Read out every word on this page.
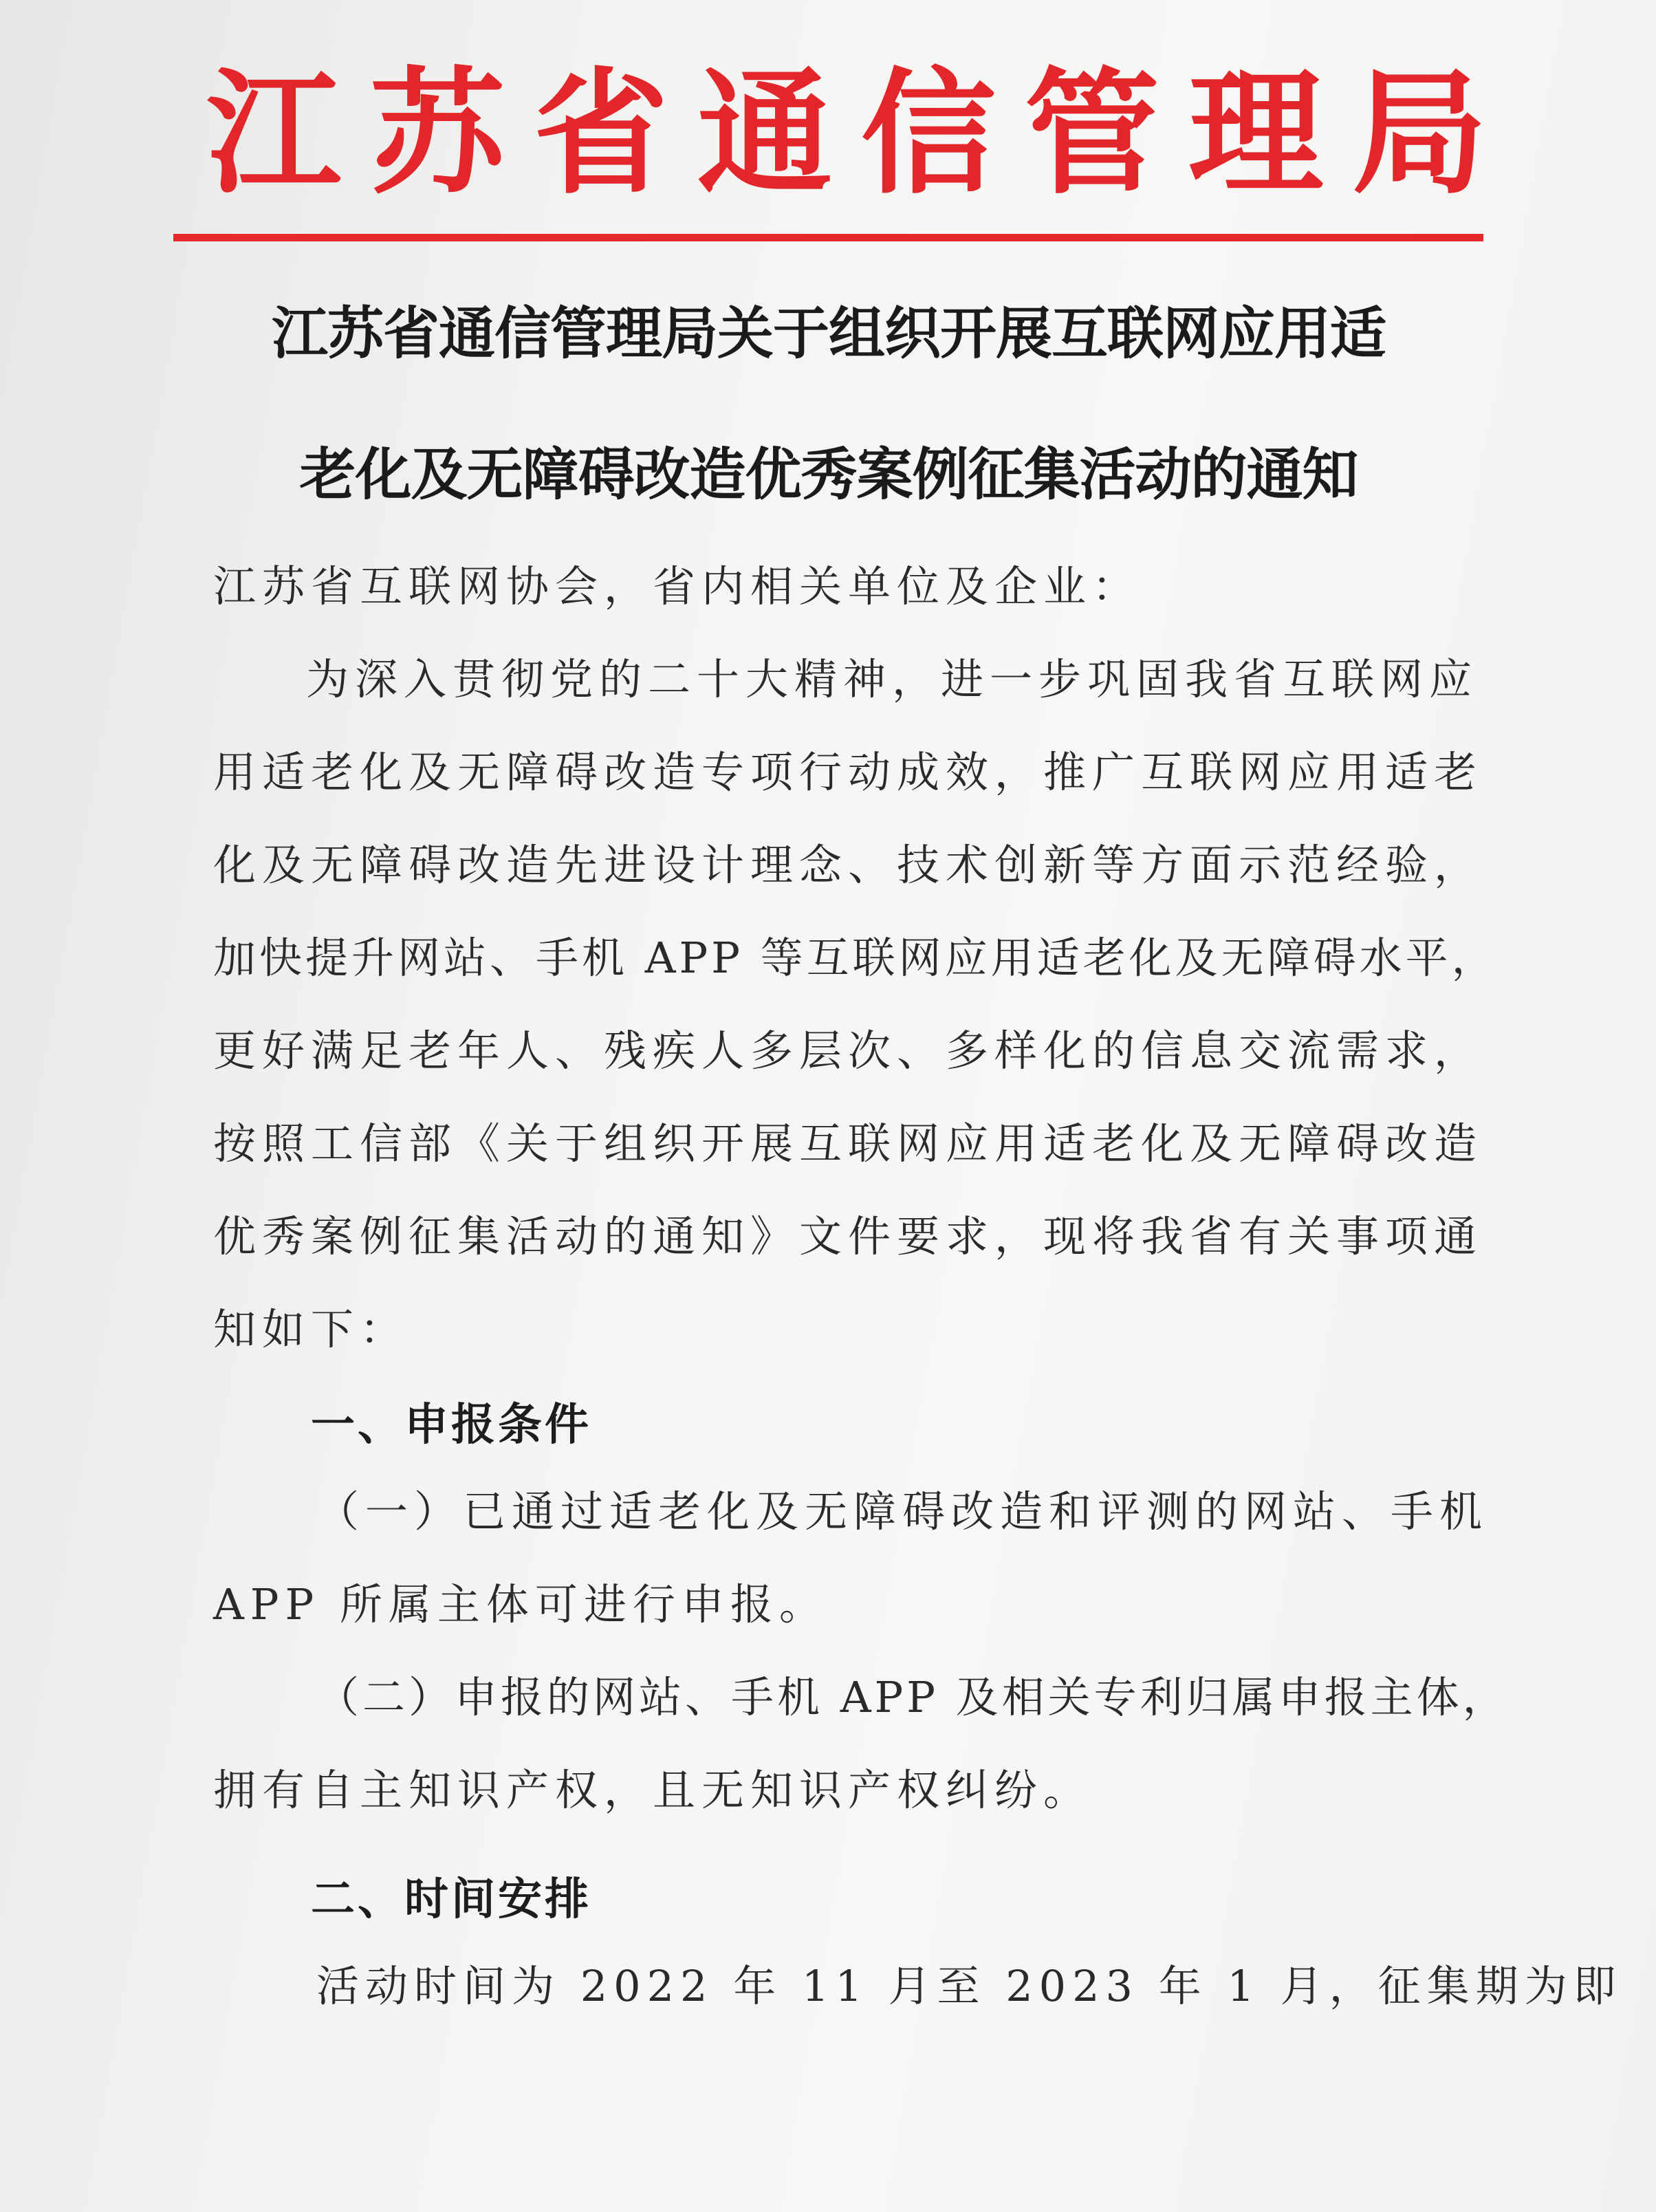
江苏省通信管理局
江苏省通信管理局关于组织开展互联网应用适
老化及无障碍改造优秀案例征集活动的通知
江苏省互联网协会，省内相关单位及企业：
为深入贯彻党的二十大精神，进一步巩固我省互联网应
用适老化及无障碍改造专项行动成效，推广互联网应用适老
化及无障碍改造先进设计理念、技术创新等方面示范经验，
加快提升网站、手机 APP 等互联网应用适老化及无障碍水平，
更好满足老年人、残疾人多层次、多样化的信息交流需求，
按照工信部《关于组织开展互联网应用适老化及无障碍改造
优秀案例征集活动的通知》文件要求，现将我省有关事项通
知如下：
一、申报条件
（一）已通过适老化及无障碍改造和评测的网站、手机
APP 所属主体可进行申报。
（二）申报的网站、手机 APP 及相关专利归属申报主体，
拥有自主知识产权，且无知识产权纠纷。
二、时间安排
活动时间为 2022 年 11 月至 2023 年 1 月，征集期为即
